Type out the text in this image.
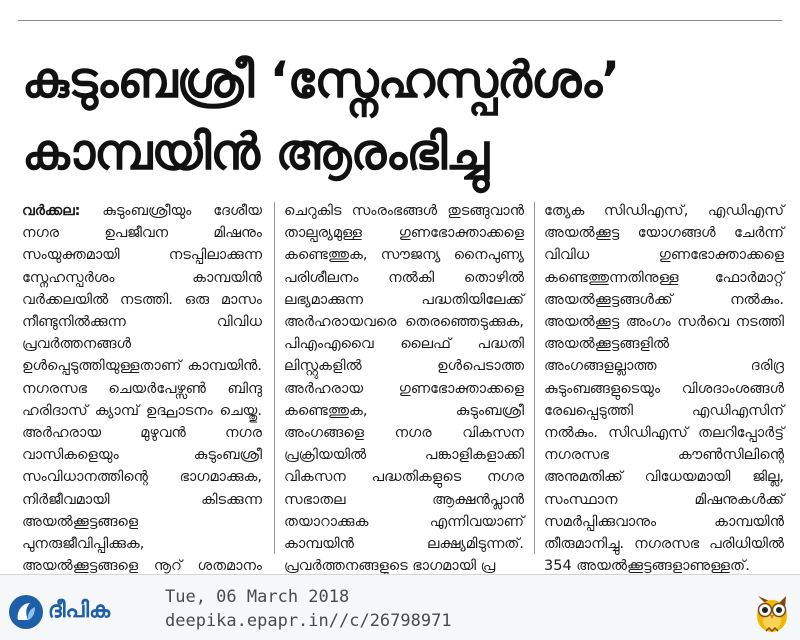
കുടുംബശ്രീ ‘സ്നേഹസ്പർശം’
കാമ്പയിൻ ആരംഭിച്ചു

വർക്കല: കുടുംബശ്രീയും ദേശീയ നഗര ഉപജീവന മിഷനും സംയുക്തമായി നടപ്പിലാക്കുന്ന സ്നേഹസ്പർശം കാമ്പയിൻ വർക്കലയിൽ നടത്തി. ഒരു മാസം നീണ്ടുനിൽക്കുന്ന വിവിധ പ്രവർത്തനങ്ങൾ ഉൾപ്പെടുത്തിയുള്ളതാണ് കാമ്പയിൻ. നഗരസഭ ചെയർപേഴ്സൺ ബിന്ദു ഹരിദാസ് ക്യാമ്പ് ഉദ്ഘാടനം ചെയ്തു. അർഹരായ മുഴുവൻ നഗര വാസികളെയും കുടുംബശ്രീ സംവിധാനത്തിന്റെ ഭാഗമാക്കുക, നിർജീവമായി കിടക്കുന്ന അയൽക്കൂട്ടങ്ങളെ പുനരുജീവിപ്പിക്കുക, അയൽക്കൂട്ടങ്ങളെ നൂറ് ശതമാനം

ചെറുകിട സംരംഭങ്ങൾ തുടങ്ങുവാൻ താല്പര്യമുള്ള ഗുണഭോക്താക്കളെ കണ്ടെത്തുക, സൗജന്യ നൈപുണ്യ പരിശീലനം നൽകി തൊഴിൽ ലഭ്യമാക്കുന്ന പദ്ധതിയിലേക്ക് അർഹരായവരെ തെരഞ്ഞെടുക്കുക, പിഎംഎവൈ ലൈഫ് പദ്ധതി ലിസ്റ്റുകളിൽ ഉൾപെടാത്ത അർഹരായ ഗുണഭോക്താക്കളെ കണ്ടെത്തുക, കുടുംബശ്രീ അംഗങ്ങളെ നഗര വികസന പ്രക്രിയയിൽ പങ്കാളികളാക്കി വികസന പദ്ധതികളുടെ നഗര സഭാതല ആക്ഷൻപ്ലാൻ തയാറാക്കുക എന്നിവയാണ് കാമ്പയിൻ ലക്ഷ്യമിടുന്നത്. പ്രവർത്തനങ്ങളുടെ ഭാഗമായി പ്ര

ത്യേക സിഡിഎസ്, എഡിഎസ് അയൽക്കൂട്ട യോഗങ്ങൾ ചേർന്ന് വിവിധ ഗുണഭോക്താക്കളെ കണ്ടെത്തുന്നതിനുള്ള ഫോർമാറ്റ് അയൽക്കൂട്ടങ്ങൾക്ക് നൽകും. അയൽക്കൂട്ട അംഗം സർവെ നടത്തി അയൽക്കൂട്ടങ്ങളിൽ അംഗങ്ങളല്ലാത്ത ദരിദ്ര കുടുംബങ്ങളുടെയും വിശദാംശങ്ങൾ രേഖപ്പെടുത്തി എഡിഎസിന് നൽകും. സിഡിഎസ് തലറിപ്പോർട്ട് നഗരസഭ കൗൺസിലിന്റെ അനുമതിക്ക് വിധേയമായി ജില്ല, സംസ്ഥാന മിഷനുകൾക്ക് സമർപ്പിക്കുവാനും കാമ്പയിൻ തീരുമാനിച്ചു. നഗരസഭ പരിധിയിൽ 354 അയൽക്കൂട്ടങ്ങളാണുള്ളത്.

ദീപിക
Tue, 06 March 2018
deepika.epapr.in//c/26798971
